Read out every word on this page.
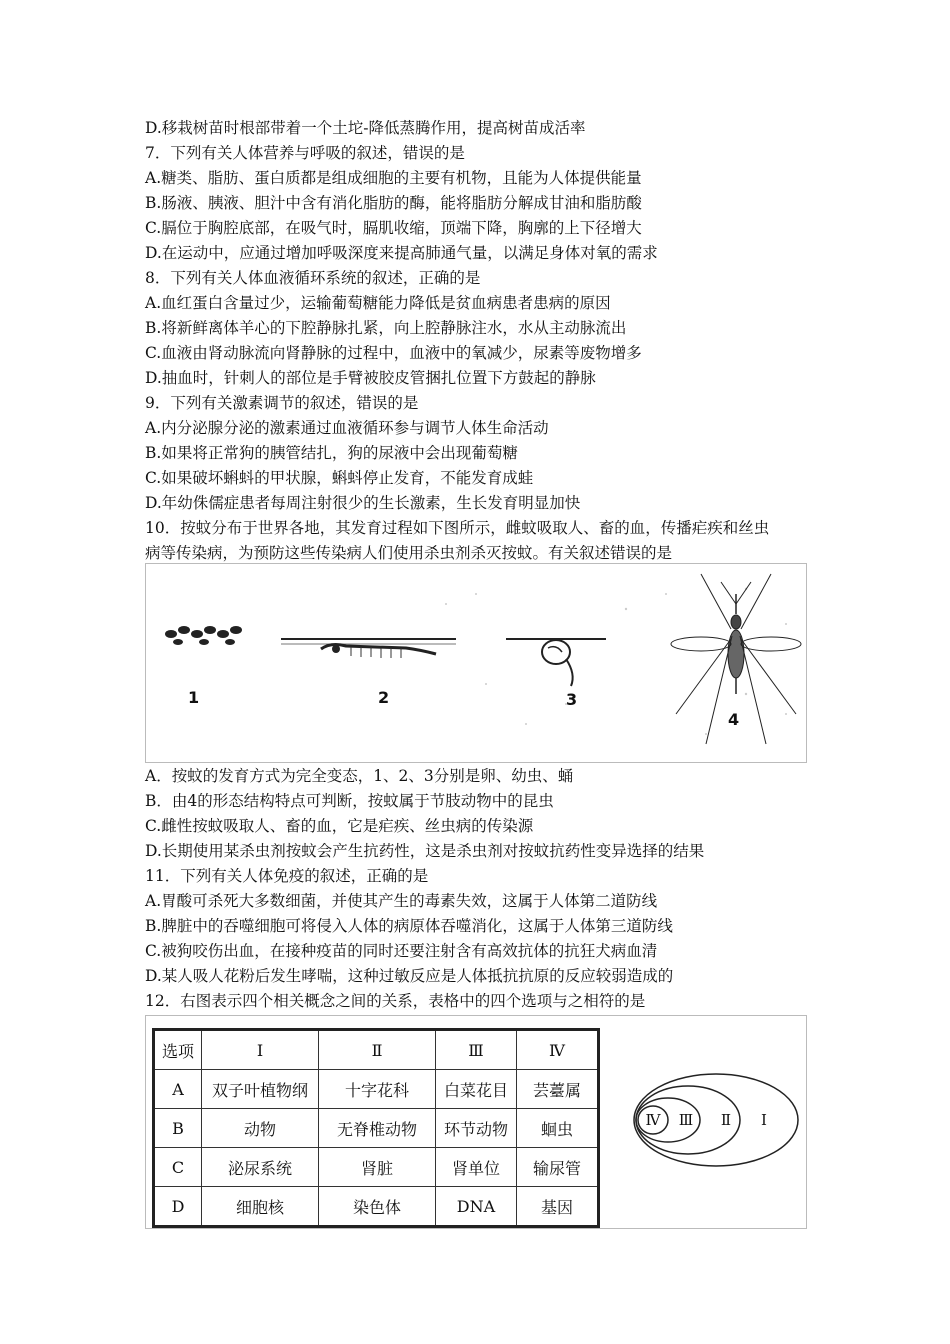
D.移栽树苗时根部带着一个土坨-降低蒸腾作用，提高树苗成活率
7．下列有关人体营养与呼吸的叙述，错误的是
A.糖类、脂肪、蛋白质都是组成细胞的主要有机物，且能为人体提供能量
B.肠液、胰液、胆汁中含有消化脂肪的酶，能将脂肪分解成甘油和脂肪酸
C.膈位于胸腔底部，在吸气时，膈肌收缩，顶端下降，胸廓的上下径增大
D.在运动中，应通过增加呼吸深度来提高肺通气量，以满足身体对氧的需求
8．下列有关人体血液循环系统的叙述，正确的是
A.血红蛋白含量过少，运输葡萄糖能力降低是贫血病患者患病的原因
B.将新鲜离体羊心的下腔静脉扎紧，向上腔静脉注水，水从主动脉流出
C.血液由肾动脉流向肾静脉的过程中，血液中的氧减少，尿素等废物增多
D.抽血时，针刺人的部位是手臂被胶皮管捆扎位置下方鼓起的静脉
9．下列有关激素调节的叙述，错误的是
A.内分泌腺分泌的激素通过血液循环参与调节人体生命活动
B.如果将正常狗的胰管结扎，狗的尿液中会出现葡萄糖
C.如果破坏蝌蚪的甲状腺，蝌蚪停止发育，不能发育成蛙
D.年幼侏儒症患者每周注射很少的生长激素，生长发育明显加快
10．按蚊分布于世界各地，其发育过程如下图所示，雌蚊吸取人、畜的血，传播疟疾和丝虫
病等传染病，为预防这些传染病人们使用杀虫剂杀灭按蚊。有关叙述错误的是
1	2	3
4
A．按蚊的发育方式为完全变态，1、2、3分别是卵、幼虫、蛹
B．由4的形态结构特点可判断，按蚊属于节肢动物中的昆虫
C.雌性按蚊吸取人、畜的血，它是疟疾、丝虫病的传染源
D.长期使用某杀虫剂按蚊会产生抗药性，这是杀虫剂对按蚊抗药性变异选择的结果
11．下列有关人体免疫的叙述，正确的是
A.胃酸可杀死大多数细菌，并使其产生的毒素失效，这属于人体第二道防线
B.脾脏中的吞噬细胞可将侵入人体的病原体吞噬消化，这属于人体第三道防线
C.被狗咬伤出血，在接种疫苗的同时还要注射含有高效抗体的抗狂犬病血清
D.某人吸人花粉后发生哮喘，这种过敏反应是人体抵抗抗原的反应较弱造成的
12．右图表示四个相关概念之间的关系，表格中的四个选项与之相符的是
选项	Ⅰ	Ⅱ	Ⅲ	Ⅳ
A	双子叶植物纲	十字花科	白菜花目	芸薹属
B	动物	无脊椎动物	环节动物	蛔虫
C	泌尿系统	肾脏	肾单位	输尿管
D	细胞核	染色体	DNA	基因
Ⅳ Ⅲ Ⅱ Ⅰ
